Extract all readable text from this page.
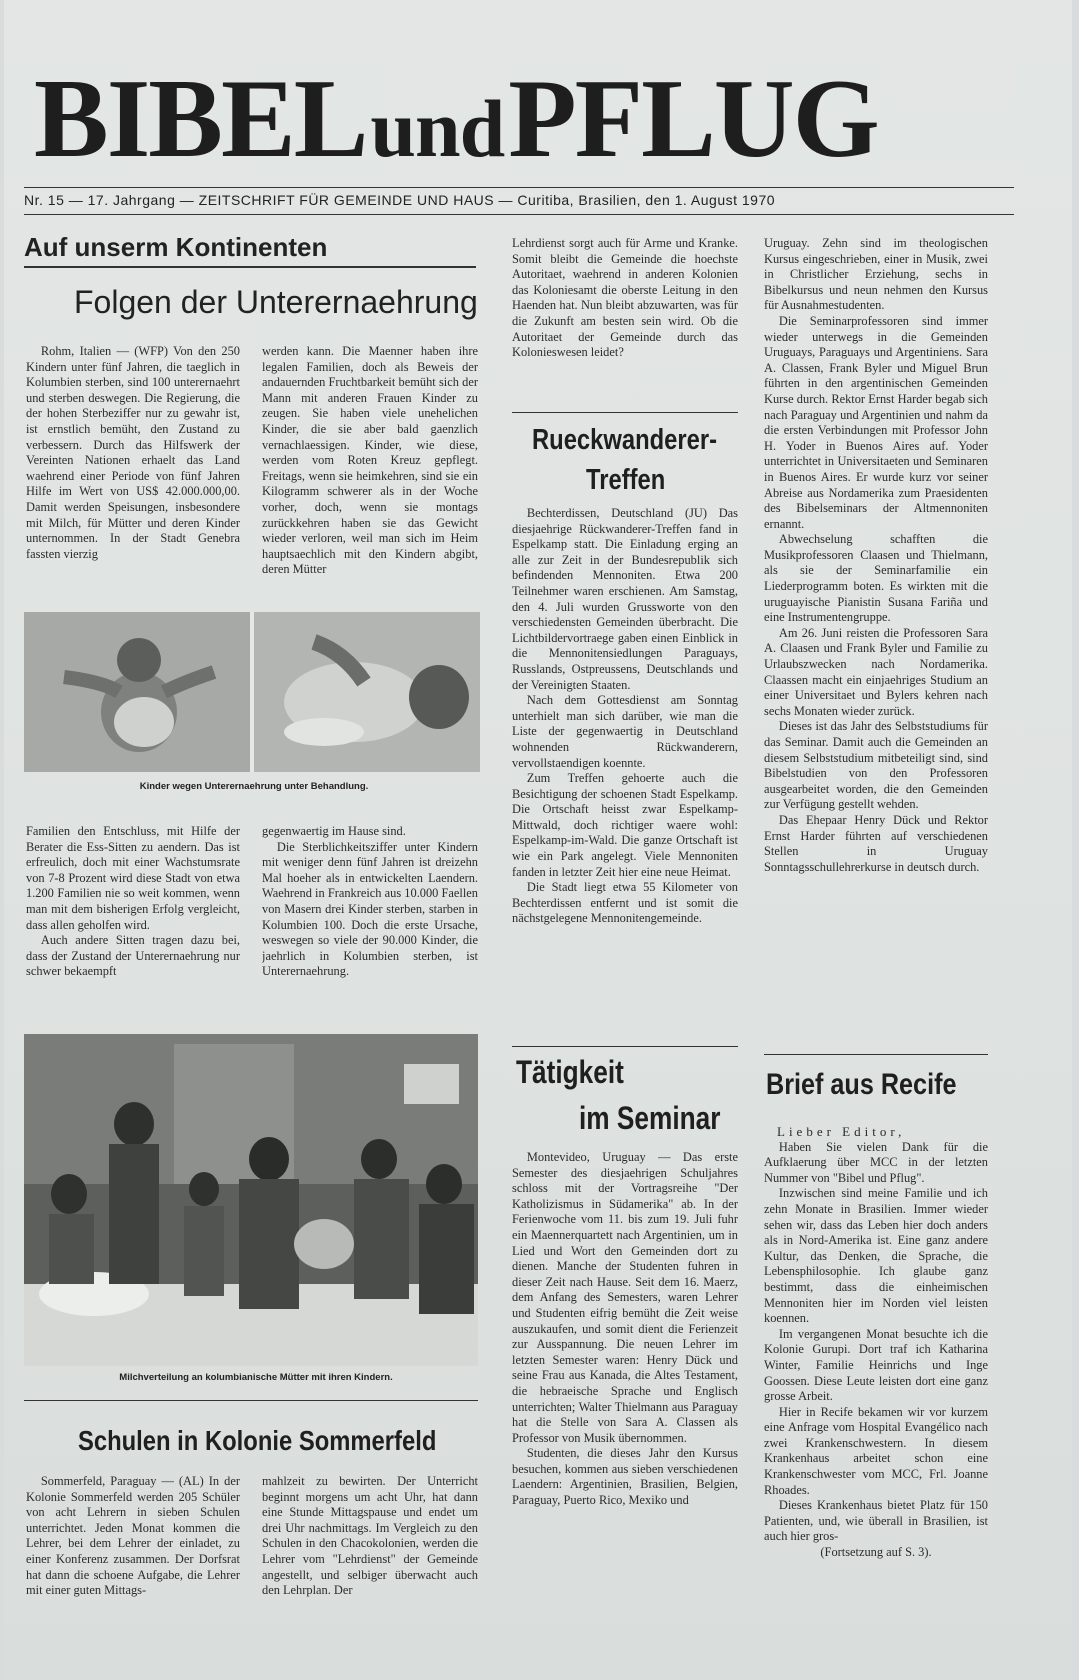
BIBEL und PFLUG
Nr. 15 — 17. Jahrgang — ZEITSCHRIFT FÜR GEMEINDE UND HAUS — Curitiba, Brasilien, den 1. August 1970
Auf unserm Kontinenten
Folgen der Unterernaehrung

Rohm, Italien — (WFP) Von den 250 Kindern unter fünf Jahren, die taeglich in Kolumbien sterben, sind 100 unterernaehrt und sterben deswegen. Die Regierung, die der hohen Sterbeziffer nur zu gewahr ist, ist ernstlich bemüht, den Zustand zu verbessern. Durch das Hilfswerk der Vereinten Nationen erhaelt das Land waehrend einer Periode von fünf Jahren Hilfe im Wert von US$ 42.000.000,00. Damit werden Speisungen, insbesondere mit Milch, für Mütter und deren Kinder unternommen. In der Stadt Genebra fassten vierzig

werden kann. Die Maenner haben ihre legalen Familien, doch als Beweis der andauernden Fruchtbarkeit bemüht sich der Mann mit anderen Frauen Kinder zu zeugen. Sie haben viele unehelichen Kinder, die sie aber bald gaenzlich vernachlaessigen. Kinder, wie diese, werden vom Roten Kreuz gepflegt. Freitags, wenn sie heimkehren, sind sie ein Kilogramm schwerer als in der Woche vorher, doch, wenn sie montags zurückkehren haben sie das Gewicht wieder verloren, weil man sich im Heim hauptsaechlich mit den Kindern abgibt, deren Mütter

Kinder wegen Unterernaehrung unter Behandlung.

Familien den Entschluss, mit Hilfe der Berater die Ess-Sitten zu aendern. Das ist erfreulich, doch mit einer Wachstumsrate von 7-8 Prozent wird diese Stadt von etwa 1.200 Familien nie so weit kommen, wenn man mit dem bisherigen Erfolg vergleicht, dass allen geholfen wird.

Auch andere Sitten tragen dazu bei, dass der Zustand der Unterernaehrung nur schwer bekaempft

gegenwaertig im Hause sind.

Die Sterblichkeitsziffer unter Kindern mit weniger denn fünf Jahren ist dreizehn Mal hoeher als in entwickelten Laendern. Waehrend in Frankreich aus 10.000 Faellen von Masern drei Kinder sterben, starben in Kolumbien 100. Doch die erste Ursache, weswegen so viele der 90.000 Kinder, die jaehrlich in Kolumbien sterben, ist Unterernaehrung.

Milchverteilung an kolumbianische Mütter mit ihren Kindern.
Schulen in Kolonie Sommerfeld

Sommerfeld, Paraguay — (AL) In der Kolonie Sommerfeld werden 205 Schüler von acht Lehrern in sieben Schulen unterrichtet. Jeden Monat kommen die Lehrer, bei dem Lehrer der einladet, zu einer Konferenz zusammen. Der Dorfsrat hat dann die schoene Aufgabe, die Lehrer mit einer guten Mittags-

mahlzeit zu bewirten. Der Unterricht beginnt morgens um acht Uhr, hat dann eine Stunde Mittagspause und endet um drei Uhr nachmittags. Im Vergleich zu den Schulen in den Chacokolonien, werden die Lehrer vom "Lehrdienst" der Gemeinde angestellt, und selbiger überwacht auch den Lehrplan. Der

Lehrdienst sorgt auch für Arme und Kranke. Somit bleibt die Gemeinde die hoechste Autoritaet, waehrend in anderen Kolonien das Koloniesamt die oberste Leitung in den Haenden hat. Nun bleibt abzuwarten, was für die Zukunft am besten sein wird. Ob die Autoritaet der Gemeinde durch das Kolonieswesen leidet?

Rueckwanderer-
Treffen

Bechterdissen, Deutschland (JU) Das diesjaehrige Rückwanderer-Treffen fand in Espelkamp statt. Die Einladung erging an alle zur Zeit in der Bundesrepublik sich befindenden Mennoniten. Etwa 200 Teilnehmer waren erschienen. Am Samstag, den 4. Juli wurden Grussworte von den verschiedensten Gemeinden überbracht. Die Lichtbildervortraege gaben einen Einblick in die Mennonitensiedlungen Paraguays, Russlands, Ostpreussens, Deutschlands und der Vereinigten Staaten.

Nach dem Gottesdienst am Sonntag unterhielt man sich darüber, wie man die Liste der gegenwaertig in Deutschland wohnenden Rückwanderern, vervollstaendigen koennte.

Zum Treffen gehoerte auch die Besichtigung der schoenen Stadt Espelkamp. Die Ortschaft heisst zwar Espelkamp-Mittwald, doch richtiger waere wohl: Espelkamp-im-Wald. Die ganze Ortschaft ist wie ein Park angelegt. Viele Mennoniten fanden in letzter Zeit hier eine neue Heimat.

Die Stadt liegt etwa 55 Kilometer von Bechterdissen entfernt und ist somit die nächstgelegene Mennonitengemeinde.

Tätigkeit
im Seminar

Montevideo, Uruguay — Das erste Semester des diesjaehrigen Schuljahres schloss mit der Vortragsreihe "Der Katholizismus in Südamerika" ab. In der Ferienwoche vom 11. bis zum 19. Juli fuhr ein Maennerquartett nach Argentinien, um in Lied und Wort den Gemeinden dort zu dienen. Manche der Studenten fuhren in dieser Zeit nach Hause. Seit dem 16. Maerz, dem Anfang des Semesters, waren Lehrer und Studenten eifrig bemüht die Zeit weise auszukaufen, und somit dient die Ferienzeit zur Ausspannung. Die neuen Lehrer im letzten Semester waren: Henry Dück und seine Frau aus Kanada, die Altes Testament, die hebraeische Sprache und Englisch unterrichten; Walter Thielmann aus Paraguay hat die Stelle von Sara A. Classen als Professor von Musik übernommen.

Studenten, die dieses Jahr den Kursus besuchen, kommen aus sieben verschiedenen Laendern: Argentinien, Brasilien, Belgien, Paraguay, Puerto Rico, Mexiko und

Uruguay. Zehn sind im theologischen Kursus eingeschrieben, einer in Musik, zwei in Christlicher Erziehung, sechs in Bibelkursus und neun nehmen den Kursus für Ausnahmestudenten.

Die Seminarprofessoren sind immer wieder unterwegs in die Gemeinden Uruguays, Paraguays und Argentiniens. Sara A. Classen, Frank Byler und Miguel Brun führten in den argentinischen Gemeinden Kurse durch. Rektor Ernst Harder begab sich nach Paraguay und Argentinien und nahm da die ersten Verbindungen mit Professor John H. Yoder in Buenos Aires auf. Yoder unterrichtet in Universitaeten und Seminaren in Buenos Aires. Er wurde kurz vor seiner Abreise aus Nordamerika zum Praesidenten des Bibelseminars der Altmennoniten ernannt.

Abwechselung schafften die Musikprofessoren Claasen und Thielmann, als sie der Seminarfamilie ein Liederprogramm boten. Es wirkten mit die uruguayische Pianistin Susana Fariña und eine Instrumentengruppe.

Am 26. Juni reisten die Professoren Sara A. Claasen und Frank Byler und Familie zu Urlaubszwecken nach Nordamerika. Claassen macht ein einjaehriges Studium an einer Universitaet und Bylers kehren nach sechs Monaten wieder zurück.

Dieses ist das Jahr des Selbststudiums für das Seminar. Damit auch die Gemeinden an diesem Selbststudium mitbeteiligt sind, sind Bibelstudien von den Professoren ausgearbeitet worden, die den Gemeinden zur Verfügung gestellt wehden.

Das Ehepaar Henry Dück und Rektor Ernst Harder führten auf verschiedenen Stellen in Uruguay Sonntagsschullehrerkurse in deutsch durch.

Brief aus Recife

Lieber Editor,

Haben Sie vielen Dank für die Aufklaerung über MCC in der letzten Nummer von "Bibel und Pflug".

Inzwischen sind meine Familie und ich zehn Monate in Brasilien. Immer wieder sehen wir, dass das Leben hier doch anders als in Nord-Amerika ist. Eine ganz andere Kultur, das Denken, die Sprache, die Lebensphilosophie. Ich glaube ganz bestimmt, dass die einheimischen Mennoniten hier im Norden viel leisten koennen.

Im vergangenen Monat besuchte ich die Kolonie Gurupi. Dort traf ich Katharina Winter, Familie Heinrichs und Inge Goossen. Diese Leute leisten dort eine ganz grosse Arbeit.

Hier in Recife bekamen wir vor kurzem eine Anfrage vom Hospital Evangélico nach zwei Krankenschwestern. In diesem Krankenhaus arbeitet schon eine Krankenschwester vom MCC, Frl. Joanne Rhoades.

Dieses Krankenhaus bietet Platz für 150 Patienten, und, wie überall in Brasilien, ist auch hier gros-

(Fortsetzung auf S. 3).
